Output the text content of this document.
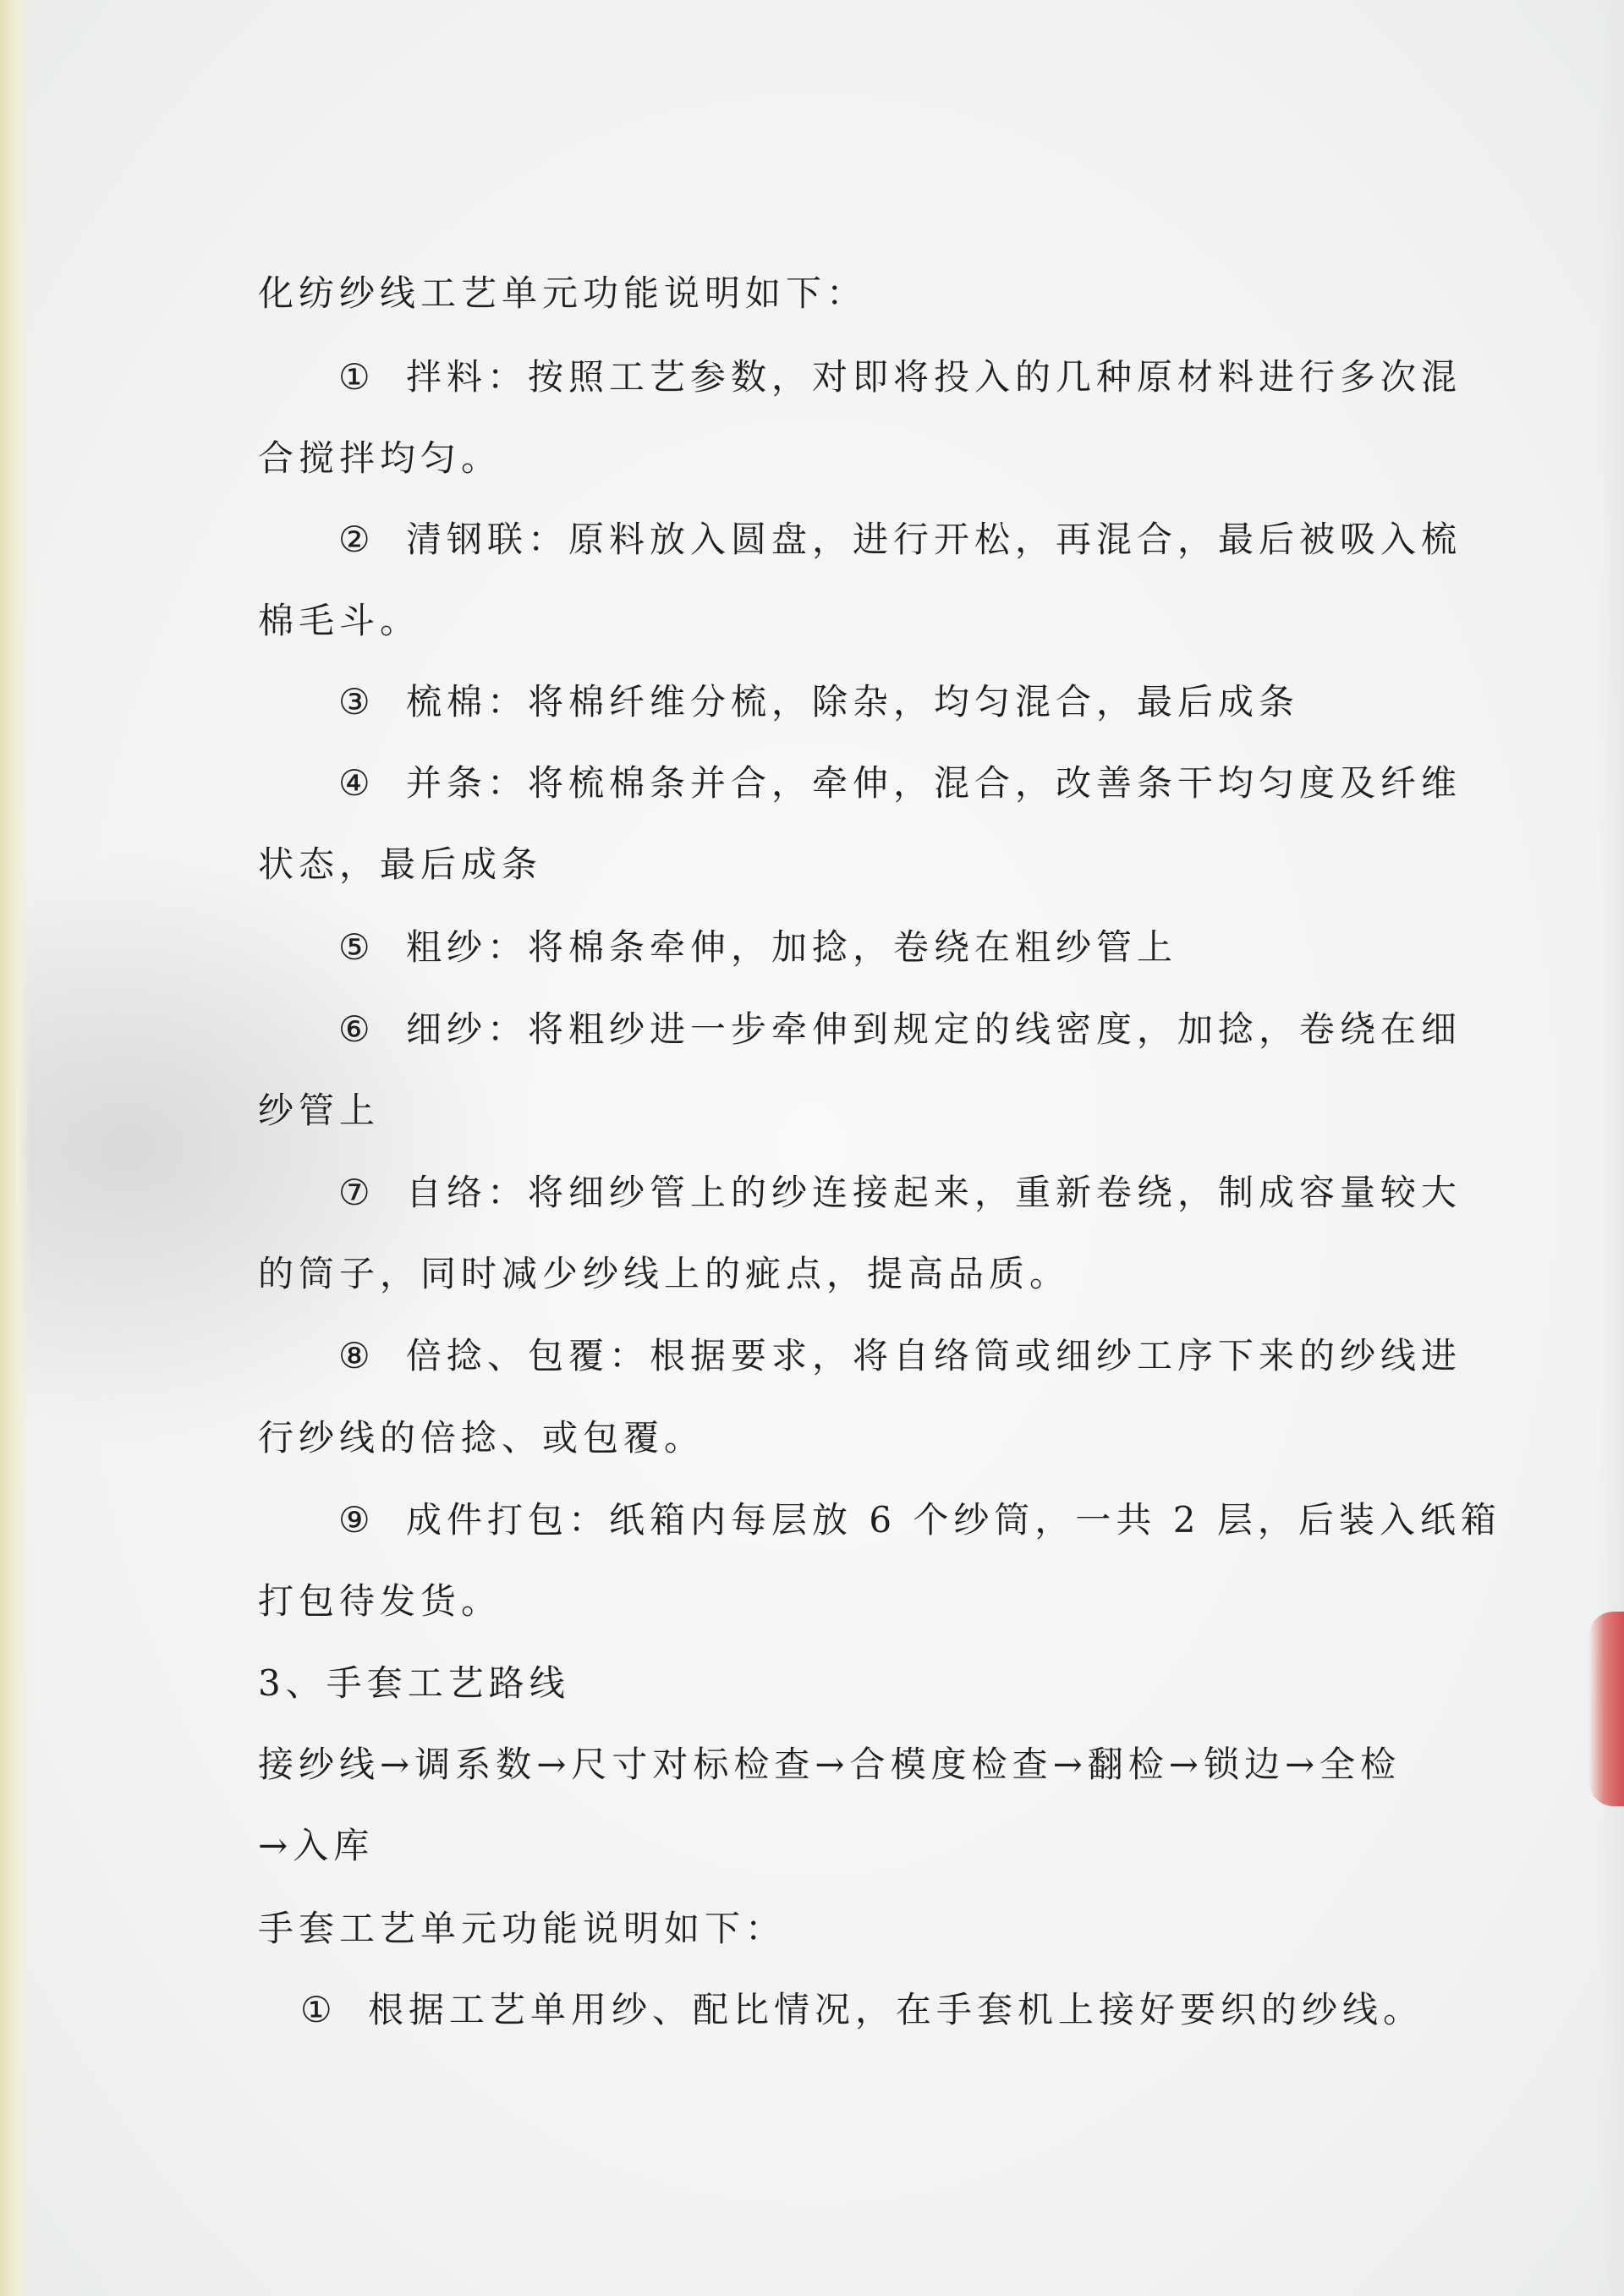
化纺纱线工艺单元功能说明如下：
① 拌料：按照工艺参数，对即将投入的几种原材料进行多次混
合搅拌均匀。
② 清钢联：原料放入圆盘，进行开松，再混合，最后被吸入梳
棉毛斗。
③ 梳棉：将棉纤维分梳，除杂，均匀混合，最后成条
④ 并条：将梳棉条并合，牵伸，混合，改善条干均匀度及纤维
状态，最后成条
⑤ 粗纱：将棉条牵伸，加捻，卷绕在粗纱管上
⑥ 细纱：将粗纱进一步牵伸到规定的线密度，加捻，卷绕在细
纱管上
⑦ 自络：将细纱管上的纱连接起来，重新卷绕，制成容量较大
的筒子，同时减少纱线上的疵点，提高品质。
⑧ 倍捻、包覆：根据要求，将自络筒或细纱工序下来的纱线进
行纱线的倍捻、或包覆。
⑨ 成件打包：纸箱内每层放 6 个纱筒，一共 2 层，后装入纸箱
打包待发货。
3、手套工艺路线
接纱线→调系数→尺寸对标检查→合模度检查→翻检→锁边→全检
→入库
手套工艺单元功能说明如下：
① 根据工艺单用纱、配比情况，在手套机上接好要织的纱线。
